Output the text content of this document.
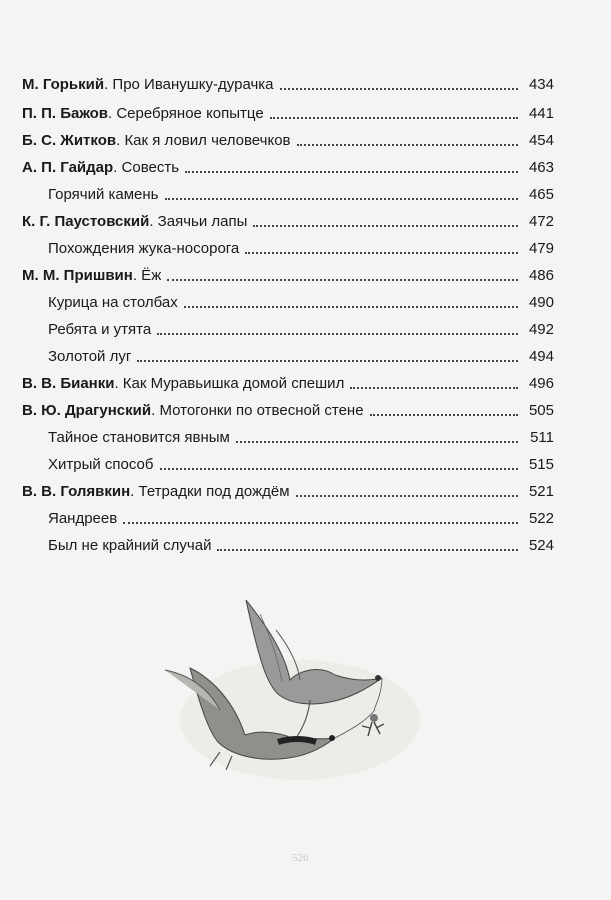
М. Горький. Про Иванушку-дурачка	434
П. П. Бажов. Серебряное копытце	441
Б. С. Житков. Как я ловил человечков	454
А. П. Гайдар. Совесть	463
Горячий камень	465
К. Г. Паустовский. Заячьи лапы	472
Похождения жука-носорога	479
М. М. Пришвин. Ёж	486
Курица на столбах	490
Ребята и утята	492
Золотой луг	494
В. В. Бианки. Как Муравьишка домой спешил	496
В. Ю. Драгунский. Мотогонки по отвесной стене	505
Тайное становится явным	511
Хитрый способ	515
В. В. Голявкин. Тетрадки под дождём	521
Яандреев	522
Был не крайний случай	524
526
